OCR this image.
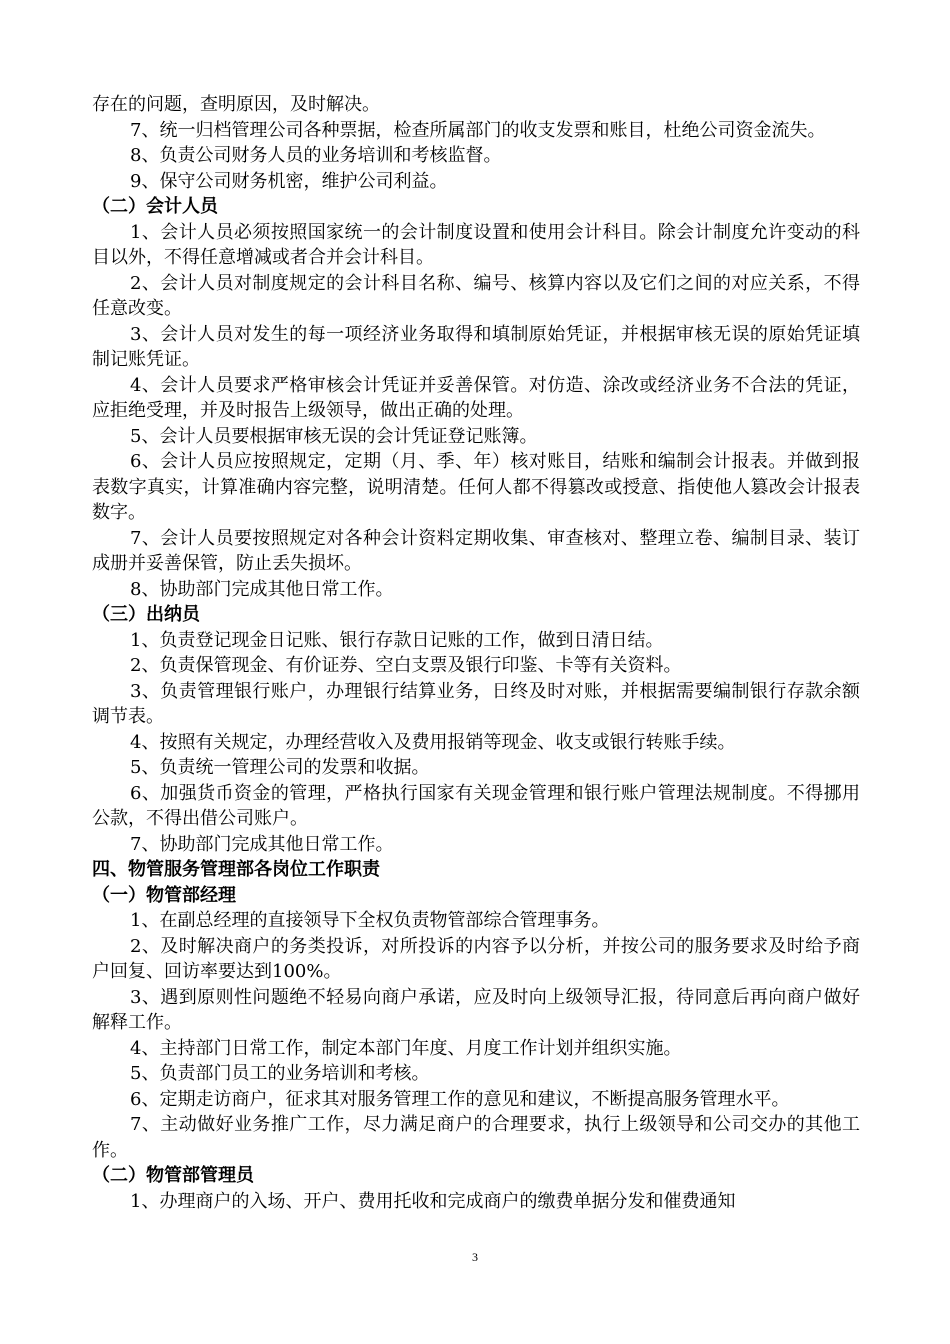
存在的问题，查明原因，及时解决。

7、统一归档管理公司各种票据，检查所属部门的收支发票和账目，杜绝公司资金流失。

8、负责公司财务人员的业务培训和考核监督。

9、保守公司财务机密，维护公司利益。

（二）会计人员

1、会计人员必须按照国家统一的会计制度设置和使用会计科目。除会计制度允许变动的科目以外，不得任意增减或者合并会计科目。

2、会计人员对制度规定的会计科目名称、编号、核算内容以及它们之间的对应关系，不得任意改变。

3、会计人员对发生的每一项经济业务取得和填制原始凭证，并根据审核无误的原始凭证填制记账凭证。

4、会计人员要求严格审核会计凭证并妥善保管。对仿造、涂改或经济业务不合法的凭证，应拒绝受理，并及时报告上级领导，做出正确的处理。

5、会计人员要根据审核无误的会计凭证登记账簿。

6、会计人员应按照规定，定期（月、季、年）核对账目，结账和编制会计报表。并做到报表数字真实，计算准确内容完整，说明清楚。任何人都不得篡改或授意、指使他人篡改会计报表数字。

7、会计人员要按照规定对各种会计资料定期收集、审查核对、整理立卷、编制目录、装订成册并妥善保管，防止丢失损坏。

8、协助部门完成其他日常工作。

（三）出纳员

1、负责登记现金日记账、银行存款日记账的工作，做到日清日结。

2、负责保管现金、有价证券、空白支票及银行印鉴、卡等有关资料。

3、负责管理银行账户，办理银行结算业务，日终及时对账，并根据需要编制银行存款余额调节表。

4、按照有关规定，办理经营收入及费用报销等现金、收支或银行转账手续。

5、负责统一管理公司的发票和收据。

6、加强货币资金的管理，严格执行国家有关现金管理和银行账户管理法规制度。不得挪用公款，不得出借公司账户。

7、协助部门完成其他日常工作。

四、物管服务管理部各岗位工作职责

（一）物管部经理

1、在副总经理的直接领导下全权负责物管部综合管理事务。

2、及时解决商户的务类投诉，对所投诉的内容予以分析，并按公司的服务要求及时给予商户回复、回访率要达到100%。

3、遇到原则性问题绝不轻易向商户承诺，应及时向上级领导汇报，待同意后再向商户做好解释工作。

4、主持部门日常工作，制定本部门年度、月度工作计划并组织实施。

5、负责部门员工的业务培训和考核。

6、定期走访商户，征求其对服务管理工作的意见和建议，不断提高服务管理水平。

7、主动做好业务推广工作，尽力满足商户的合理要求，执行上级领导和公司交办的其他工作。

（二）物管部管理员

1、办理商户的入场、开户、费用托收和完成商户的缴费单据分发和催费通知

3
